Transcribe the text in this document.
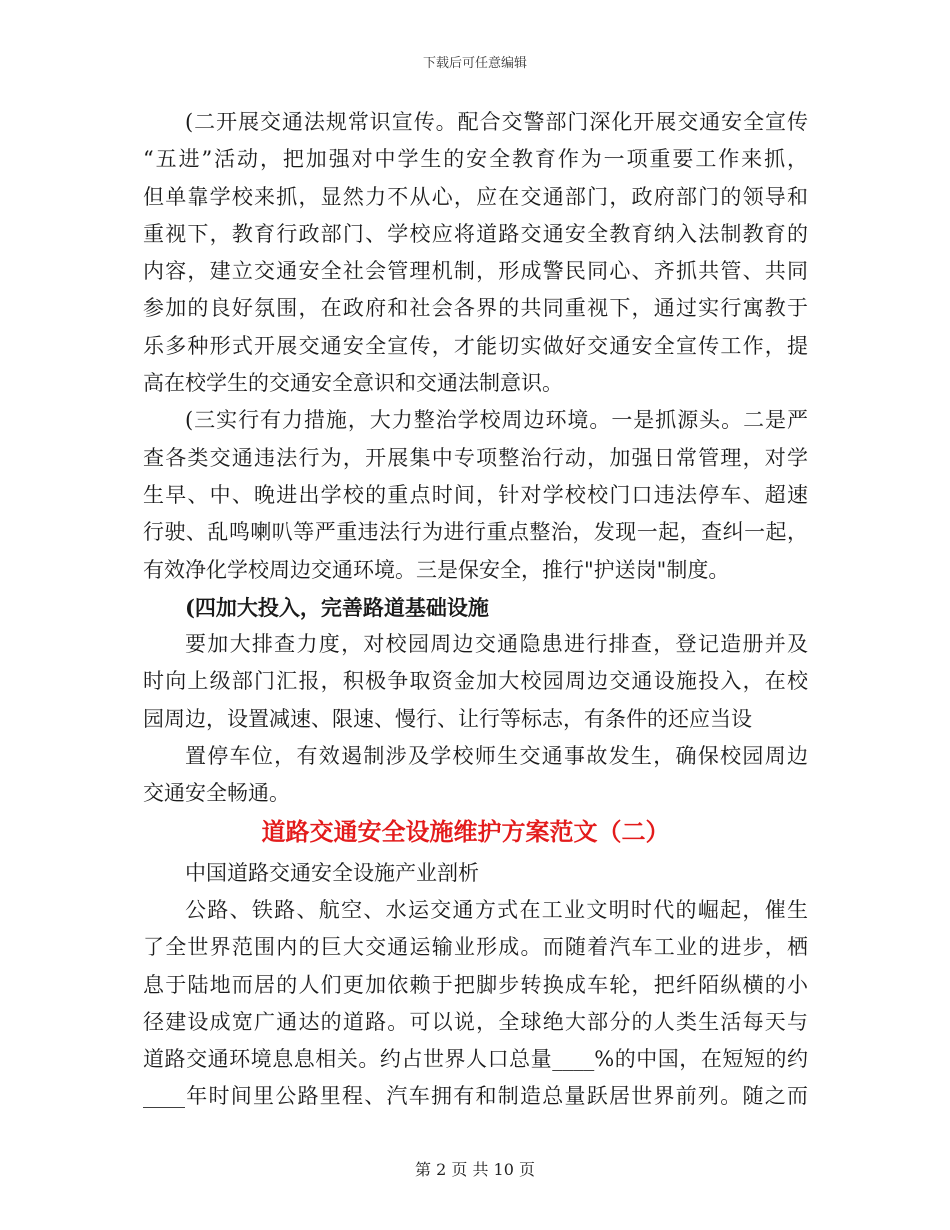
下载后可任意编辑
(二开展交通法规常识宣传。配合交警部门深化开展交通安全宣传
“五进”活动，把加强对中学生的安全教育作为一项重要工作来抓，
但单靠学校来抓，显然力不从心，应在交通部门，政府部门的领导和
重视下，教育行政部门、学校应将道路交通安全教育纳入法制教育的
内容，建立交通安全社会管理机制，形成警民同心、齐抓共管、共同
参加的良好氛围，在政府和社会各界的共同重视下，通过实行寓教于
乐多种形式开展交通安全宣传，才能切实做好交通安全宣传工作，提
高在校学生的交通安全意识和交通法制意识。
(三实行有力措施，大力整治学校周边环境。一是抓源头。二是严
查各类交通违法行为，开展集中专项整治行动，加强日常管理，对学
生早、中、晚进出学校的重点时间，针对学校校门口违法停车、超速
行驶、乱鸣喇叭等严重违法行为进行重点整治，发现一起，查纠一起，
有效净化学校周边交通环境。三是保安全，推行"护送岗"制度。
(四加大投入，完善路道基础设施
要加大排查力度，对校园周边交通隐患进行排查，登记造册并及
时向上级部门汇报，积极争取资金加大校园周边交通设施投入，在校
园周边，设置减速、限速、慢行、让行等标志，有条件的还应当设
置停车位，有效遏制涉及学校师生交通事故发生，确保校园周边
交通安全畅通。
道路交通安全设施维护方案范文（二）
中国道路交通安全设施产业剖析
公路、铁路、航空、水运交通方式在工业文明时代的崛起，催生
了全世界范围内的巨大交通运输业形成。而随着汽车工业的进步，栖
息于陆地而居的人们更加依赖于把脚步转换成车轮，把纤陌纵横的小
径建设成宽广通达的道路。可以说，全球绝大部分的人类生活每天与
道路交通环境息息相关。约占世界人口总量____%的中国，在短短的约
____年时间里公路里程、汽车拥有和制造总量跃居世界前列。随之而
第 2 页 共 10 页
